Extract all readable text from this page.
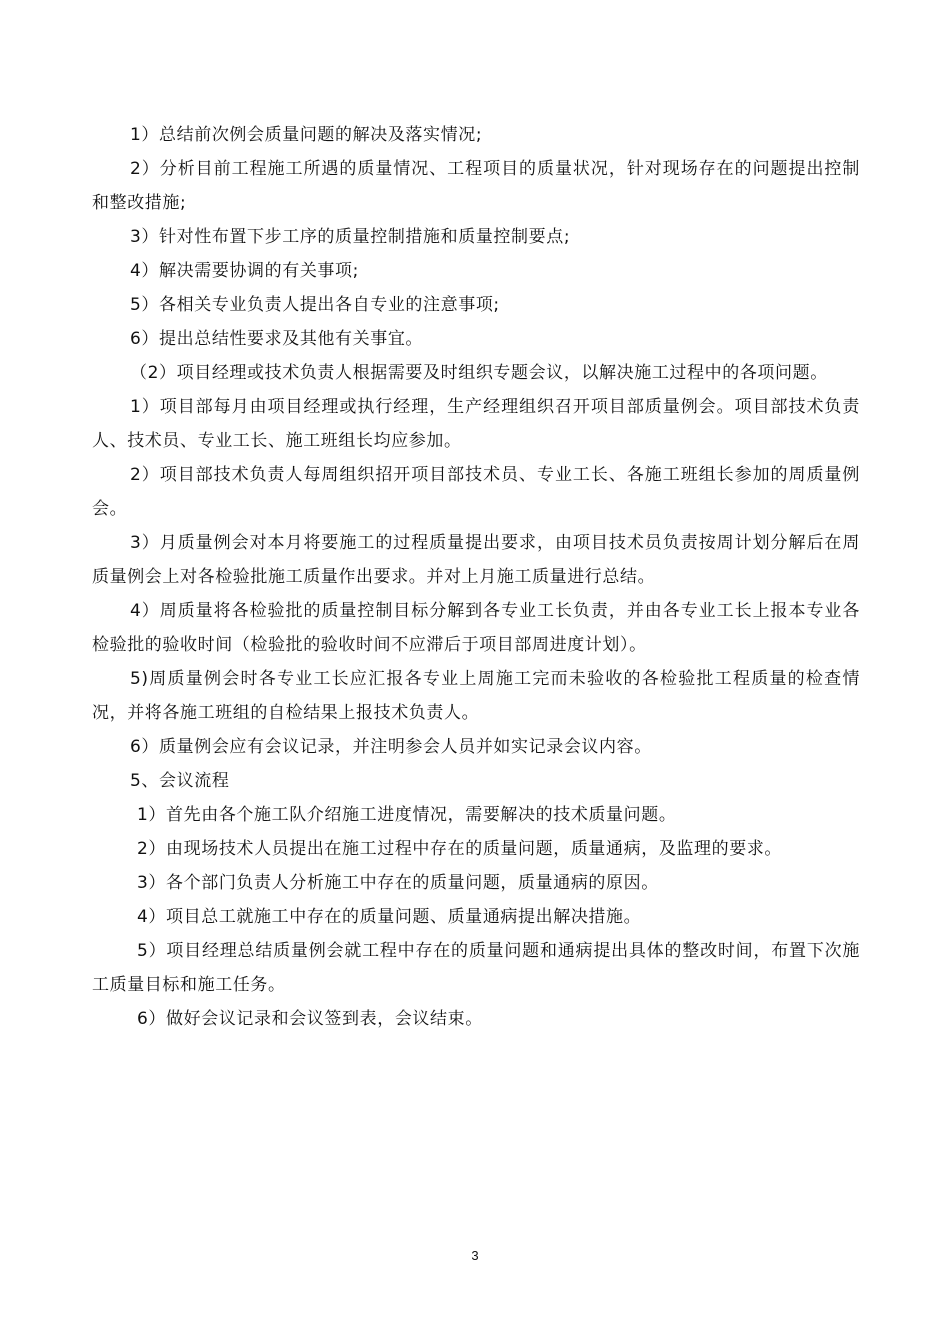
1）总结前次例会质量问题的解决及落实情况;

2）分析目前工程施工所遇的质量情况、工程项目的质量状况，针对现场存在的问题提出控制和整改措施;

3）针对性布置下步工序的质量控制措施和质量控制要点;

4）解决需要协调的有关事项;

5）各相关专业负责人提出各自专业的注意事项;

6）提出总结性要求及其他有关事宜。

（2）项目经理或技术负责人根据需要及时组织专题会议，以解决施工过程中的各项问题。

1）项目部每月由项目经理或执行经理，生产经理组织召开项目部质量例会。项目部技术负责人、技术员、专业工长、施工班组长均应参加。

2）项目部技术负责人每周组织招开项目部技术员、专业工长、各施工班组长参加的周质量例会。

3）月质量例会对本月将要施工的过程质量提出要求，由项目技术员负责按周计划分解后在周质量例会上对各检验批施工质量作出要求。并对上月施工质量进行总结。

4）周质量将各检验批的质量控制目标分解到各专业工长负责，并由各专业工长上报本专业各检验批的验收时间（检验批的验收时间不应滞后于项目部周进度计划）。

5)周质量例会时各专业工长应汇报各专业上周施工完而未验收的各检验批工程质量的检查情况，并将各施工班组的自检结果上报技术负责人。

6）质量例会应有会议记录，并注明参会人员并如实记录会议内容。

5、会议流程

1）首先由各个施工队介绍施工进度情况，需要解决的技术质量问题。

2）由现场技术人员提出在施工过程中存在的质量问题，质量通病，及监理的要求。

3）各个部门负责人分析施工中存在的质量问题，质量通病的原因。

4）项目总工就施工中存在的质量问题、质量通病提出解决措施。

5）项目经理总结质量例会就工程中存在的质量问题和通病提出具体的整改时间，布置下次施工质量目标和施工任务。

6）做好会议记录和会议签到表，会议结束。

3
